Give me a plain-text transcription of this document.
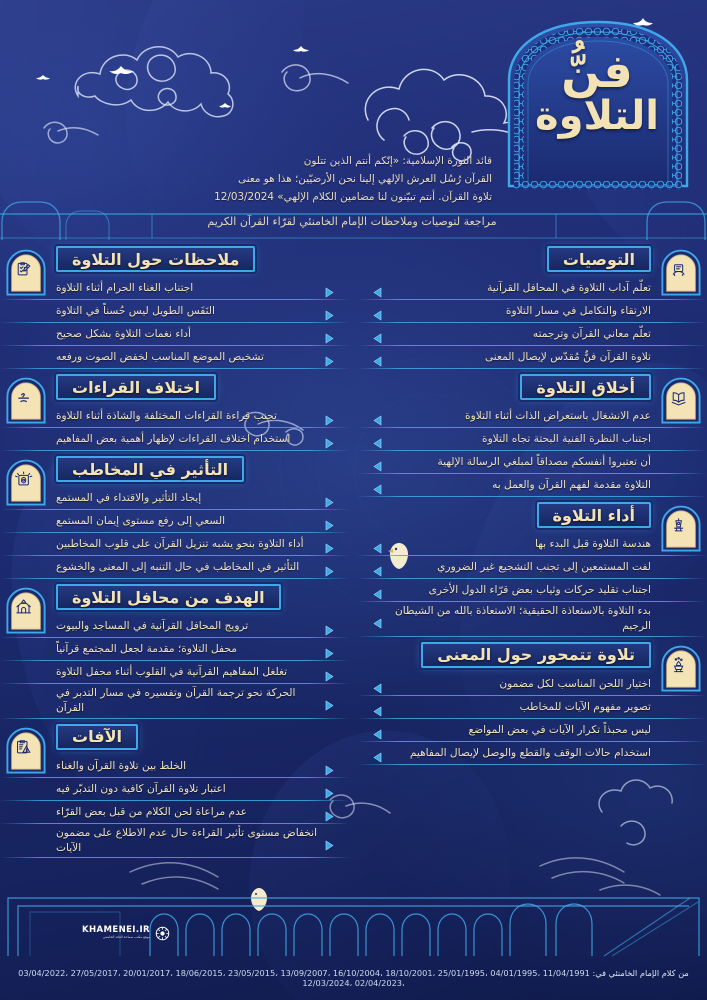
فنُّ
التلاوة
قائد الثورة الإسلامية: «إنّكم أنتم الذين تتلون
القرآن رُسُل العرش الإلهي إلينا نحن الأرضيّين؛ هذا هو معنى
تلاوة القرآن. أنتم تبيّنون لنا مضامين الكلام الإلهي» 12/03/2024
مراجعة لتوصيات وملاحظات الإمام الخامنئي لقرّاء القرآن الكريم
التوصيات
تعلّم آداب التلاوة في المحافل القرآنية
الارتقاء والتكامل في مسار التلاوة
تعلّم معاني القرآن وترجمته
تلاوة القرآن فنٌّ مُقدّس لإيصال المعنى
أخلاق التلاوة
عدم الانشغال باستعراض الذات أثناء التلاوة
اجتناب النظرة الفنية البحتة تجاه التلاوة
أن تعتبروا أنفسكم مصداقاً لمبلغي الرسالة الإلهية
التلاوة مقدمة لفهم القرآن والعمل به
أداء التلاوة
هندسة التلاوة قبل البدء بها
لفت المستمعين إلى تجنب التشجيع غير الضروري
اجتناب تقليد حركات وثياب بعض قرّاء الدول الأخرى
بدء التلاوة بالاستعاذة الحقيقية؛ الاستعاذة بالله من الشيطان الرجيم
تلاوة تتمحور حول المعنى
اختيار اللحن المناسب لكل مضمون
تصوير مفهوم الآيات للمخاطب
ليس محبذاً تكرار الآيات في بعض المواضع
استخدام حالات الوقف والقطع والوصل لإيصال المفاهيم
ملاحظات حول التلاوة
اجتناب الغناء الحرام أثناء التلاوة
النَفَس الطويل ليس حُسناً في التلاوة
أداء نغمات التلاوة بشكل صحيح
تشخيص الموضع المناسب لخفض الصوت ورفعه
اختلاف القراءات
تجنب قراءة القراءات المختلفة والشاذة أثناء التلاوة
استخدام اختلاف القراءات لإظهار أهمية بعض المفاهيم
التأثير في المخاطب
إيجاد التأثير والاقتداء في المستمع
السعي إلى رفع مستوى إيمان المستمع
أداء التلاوة بنحو يشبه تنزيل القرآن على قلوب المخاطبين
التأثير في المخاطب في حال التنبه إلى المعنى والخشوع
الهدف من محافل التلاوة
ترويج المحافل القرآنية في المساجد والبيوت
محفل التلاوة؛ مقدمة لجعل المجتمع قرآنياً
تغلغل المفاهيم القرآنية في القلوب أثناء محفل التلاوة
الحركة نحو ترجمة القرآن وتفسيره في مسار التدبر في القرآن
الآفات
الخلط بين تلاوة القرآن والغناء
اعتبار تلاوة القرآن كافية دون التدبّر فيه
عدم مراعاة لحن الكلام من قبل بعض القرّاء
انخفاض مستوى تأثير القراءة حال عدم الاطلاع على مضمون الآيات
KHAMENEI.IR
موقع مكتب سماحة القائد الخامنئي
من كلام الإمام الخامنئي في: 11/04/1991 ،04/01/1995 ،25/01/1995 ،18/10/2001 ،16/10/2004 ،13/09/2007 ،23/05/2015 ،18/06/2015 ،20/01/2017 ،27/05/2017 ،03/04/2022 ،02/04/2023 ،12/03/2024
